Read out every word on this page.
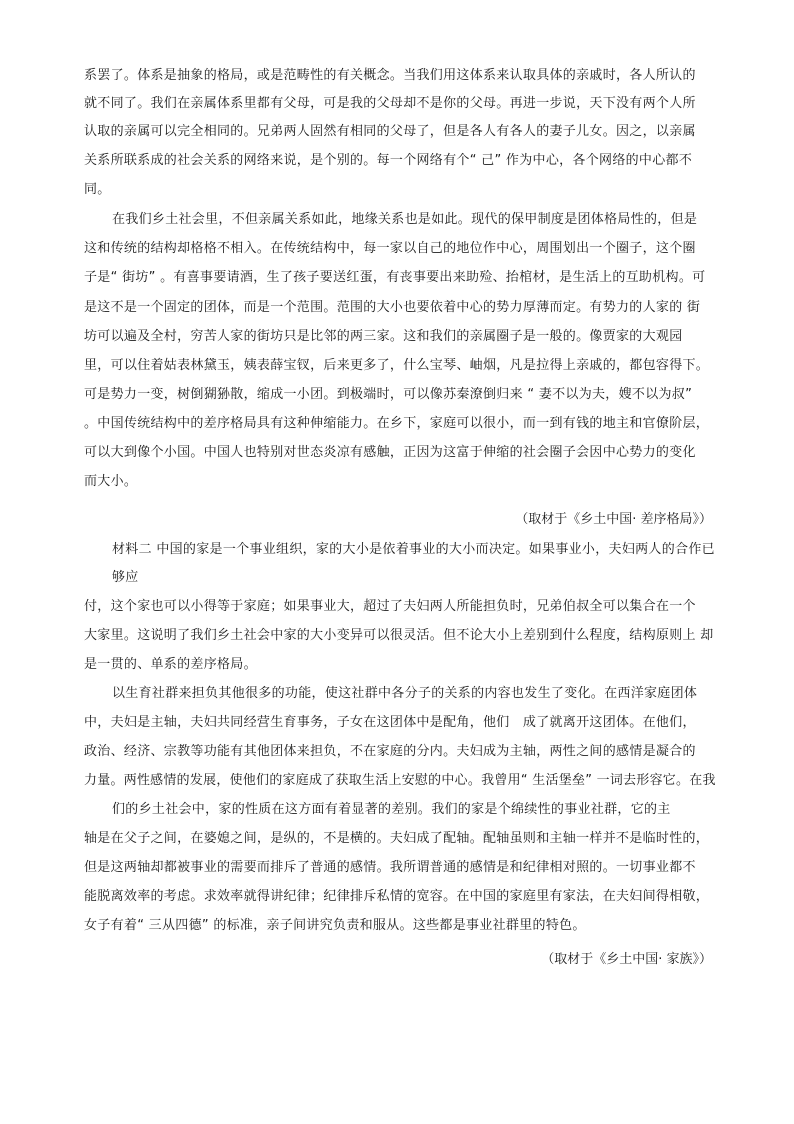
系罢了。体系是抽象的格局，或是范畴性的有关概念。当我们用这体系来认取具体的亲戚时，各人所认的
就不同了。我们在亲属体系里都有父母，可是我的父母却不是你的父母。再进一步说，天下没有两个人所
认取的亲属可以完全相同的。兄弟两人固然有相同的父母了，但是各人有各人的妻子儿女。因之，以亲属
关系所联系成的社会关系的网络来说，是个别的。每一个网络有个“ 己” 作为中心，各个网络的中心都不
同。
在我们乡土社会里，不但亲属关系如此，地缘关系也是如此。现代的保甲制度是团体格局性的，但是
这和传统的结构却格格不相入。在传统结构中，每一家以自己的地位作中心，周围划出一个圈子，这个圈
子是“ 街坊” 。有喜事要请酒，生了孩子要送红蛋，有丧事要出来助殓、抬棺材，是生活上的互助机构。可
是这不是一个固定的团体，而是一个范围。范围的大小也要依着中心的势力厚薄而定。有势力的人家的 街
坊可以遍及全村，穷苦人家的街坊只是比邻的两三家。这和我们的亲属圈子是一般的。像贾家的大观园
里，可以住着姑表林黛玉，姨表薛宝钗，后来更多了，什么宝琴、岫烟，凡是拉得上亲戚的，都包容得下。
可是势力一变，树倒猢狲散，缩成一小团。到极端时，可以像苏秦潦倒归来 “ 妻不以为夫，嫂不以为叔”
。中国传统结构中的差序格局具有这种伸缩能力。在乡下，家庭可以很小，而一到有钱的地主和官僚阶层，
可以大到像个小国。中国人也特别对世态炎凉有感触，正因为这富于伸缩的社会圈子会因中心势力的变化
而大小。
（取材于《乡土中国· 差序格局》）
材料二 中国的家是一个事业组织，家的大小是依着事业的大小而决定。如果事业小，夫妇两人的合作已
够应
付，这个家也可以小得等于家庭；如果事业大，超过了夫妇两人所能担负时，兄弟伯叔全可以集合在一个
大家里。这说明了我们乡土社会中家的大小变异可以很灵活。但不论大小上差别到什么程度，结构原则上 却
是一贯的、单系的差序格局。
以生育社群来担负其他很多的功能，使这社群中各分子的关系的内容也发生了变化。在西洋家庭团体
中，夫妇是主轴，夫妇共同经营生育事务，子女在这团体中是配角，他们　成了就离开这团体。在他们，
政治、经济、宗教等功能有其他团体来担负，不在家庭的分内。夫妇成为主轴，两性之间的感情是凝合的
力量。两性感情的发展，使他们的家庭成了获取生活上安慰的中心。我曾用“ 生活堡垒” 一词去形容它。在我
们的乡土社会中，家的性质在这方面有着显著的差别。我们的家是个绵续性的事业社群，它的主
轴是在父子之间，在婆媳之间，是纵的，不是横的。夫妇成了配轴。配轴虽则和主轴一样并不是临时性的，
但是这两轴却都被事业的需要而排斥了普通的感情。我所谓普通的感情是和纪律相对照的。一切事业都不
能脱离效率的考虑。求效率就得讲纪律；纪律排斥私情的宽容。在中国的家庭里有家法，在夫妇间得相敬，
女子有着“ 三从四德” 的标准，亲子间讲究负责和服从。这些都是事业社群里的特色。
（取材于《乡土中国· 家族》）
